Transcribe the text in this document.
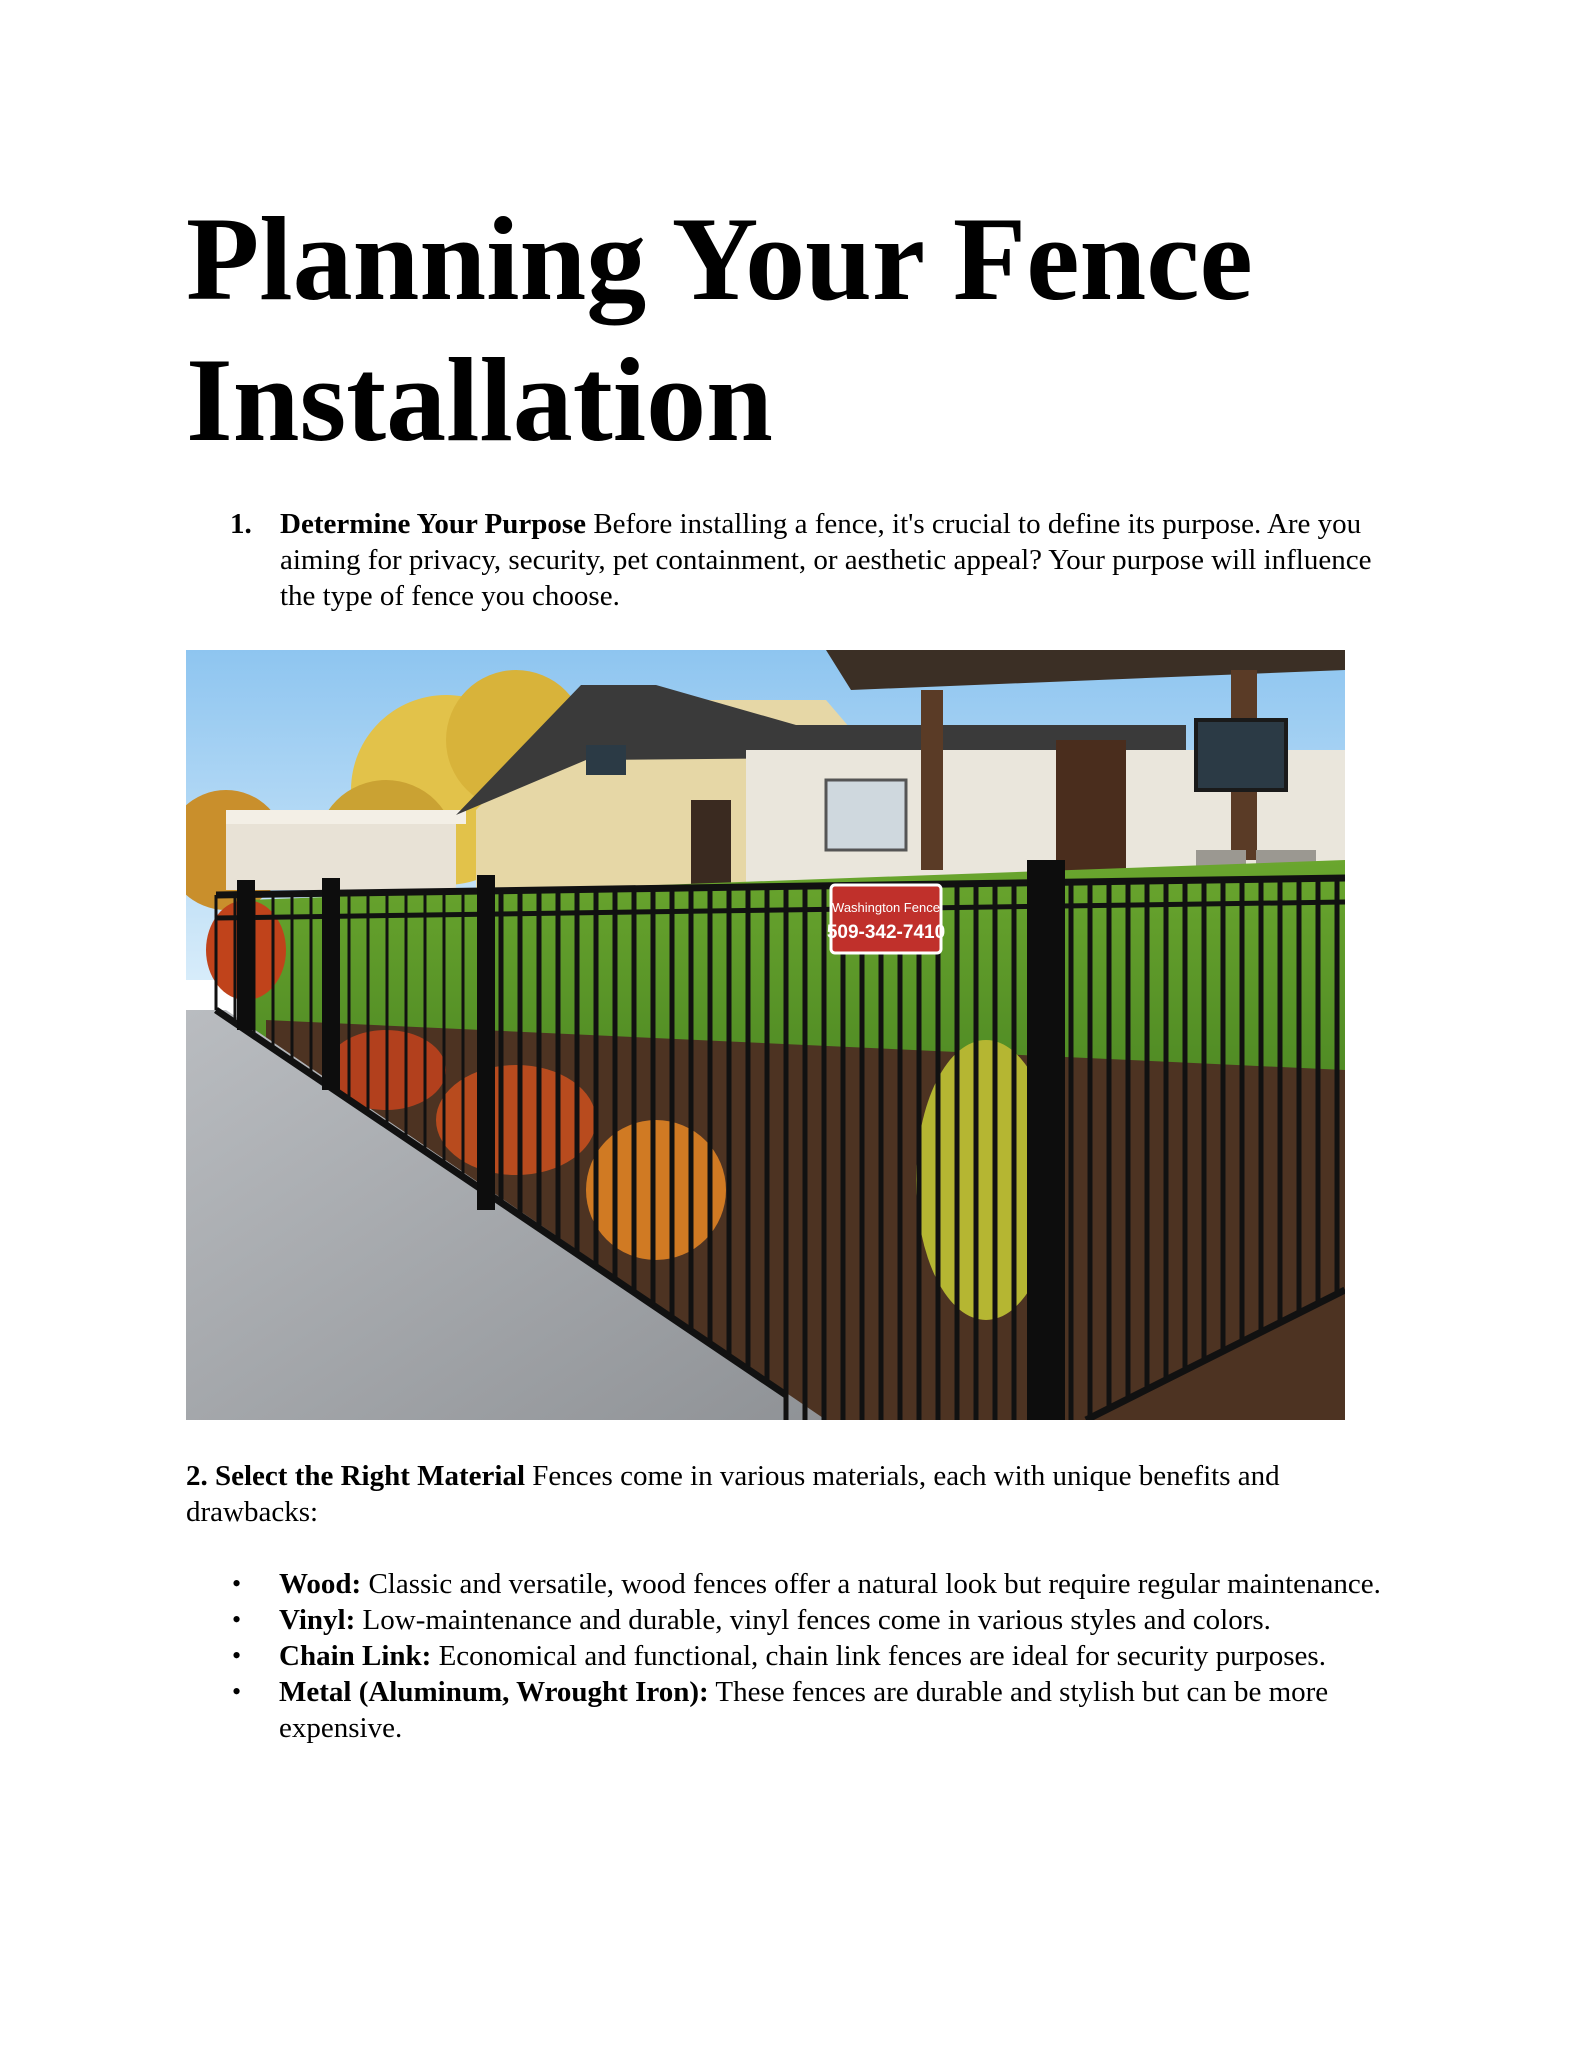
Planning Your Fence Installation
1. Determine Your Purpose Before installing a fence, it's crucial to define its purpose. Are you aiming for privacy, security, pet containment, or aesthetic appeal? Your purpose will influence the type of fence you choose.
Washington Fence
509-342-7410

2. Select the Right Material Fences come in various materials, each with unique benefits and drawbacks:

• Wood: Classic and versatile, wood fences offer a natural look but require regular maintenance.
• Vinyl: Low-maintenance and durable, vinyl fences come in various styles and colors.
• Chain Link: Economical and functional, chain link fences are ideal for security purposes.
• Metal (Aluminum, Wrought Iron): These fences are durable and stylish but can be more expensive.
